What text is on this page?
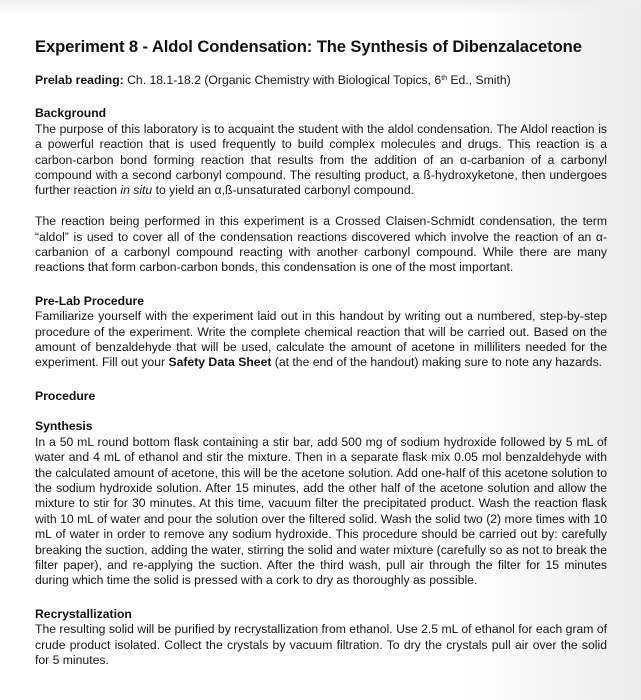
Experiment 8 - Aldol Condensation: The Synthesis of Dibenzalacetone
Prelab reading: Ch. 18.1-18.2 (Organic Chemistry with Biological Topics, 6th Ed., Smith)
Background

The purpose of this laboratory is to acquaint the student with the aldol condensation. The Aldol reaction is a powerful reaction that is used frequently to build complex molecules and drugs. This reaction is a carbon-carbon bond forming reaction that results from the addition of an α-carbanion of a carbonyl compound with a second carbonyl compound. The resulting product, a ß-hydroxyketone, then undergoes further reaction in situ to yield an α,ß-unsaturated carbonyl compound.

The reaction being performed in this experiment is a Crossed Claisen-Schmidt condensation, the term “aldol” is used to cover all of the condensation reactions discovered which involve the reaction of an α-carbanion of a carbonyl compound reacting with another carbonyl compound. While there are many reactions that form carbon-carbon bonds, this condensation is one of the most important.

Pre-Lab Procedure

Familiarize yourself with the experiment laid out in this handout by writing out a numbered, step-by-step procedure of the experiment. Write the complete chemical reaction that will be carried out. Based on the amount of benzaldehyde that will be used, calculate the amount of acetone in milliliters needed for the experiment. Fill out your Safety Data Sheet (at the end of the handout) making sure to note any hazards.

Procedure
Synthesis

In a 50 mL round bottom flask containing a stir bar, add 500 mg of sodium hydroxide followed by 5 mL of water and 4 mL of ethanol and stir the mixture. Then in a separate flask mix 0.05 mol benzaldehyde with the calculated amount of acetone, this will be the acetone solution. Add one-half of this acetone solution to the sodium hydroxide solution. After 15 minutes, add the other half of the acetone solution and allow the mixture to stir for 30 minutes. At this time, vacuum filter the precipitated product. Wash the reaction flask with 10 mL of water and pour the solution over the filtered solid. Wash the solid two (2) more times with 10 mL of water in order to remove any sodium hydroxide. This procedure should be carried out by: carefully breaking the suction, adding the water, stirring the solid and water mixture (carefully so as not to break the filter paper), and re-applying the suction. After the third wash, pull air through the filter for 15 minutes during which time the solid is pressed with a cork to dry as thoroughly as possible.

Recrystallization

The resulting solid will be purified by recrystallization from ethanol. Use 2.5 mL of ethanol for each gram of crude product isolated. Collect the crystals by vacuum filtration. To dry the crystals pull air over the solid for 5 minutes.
